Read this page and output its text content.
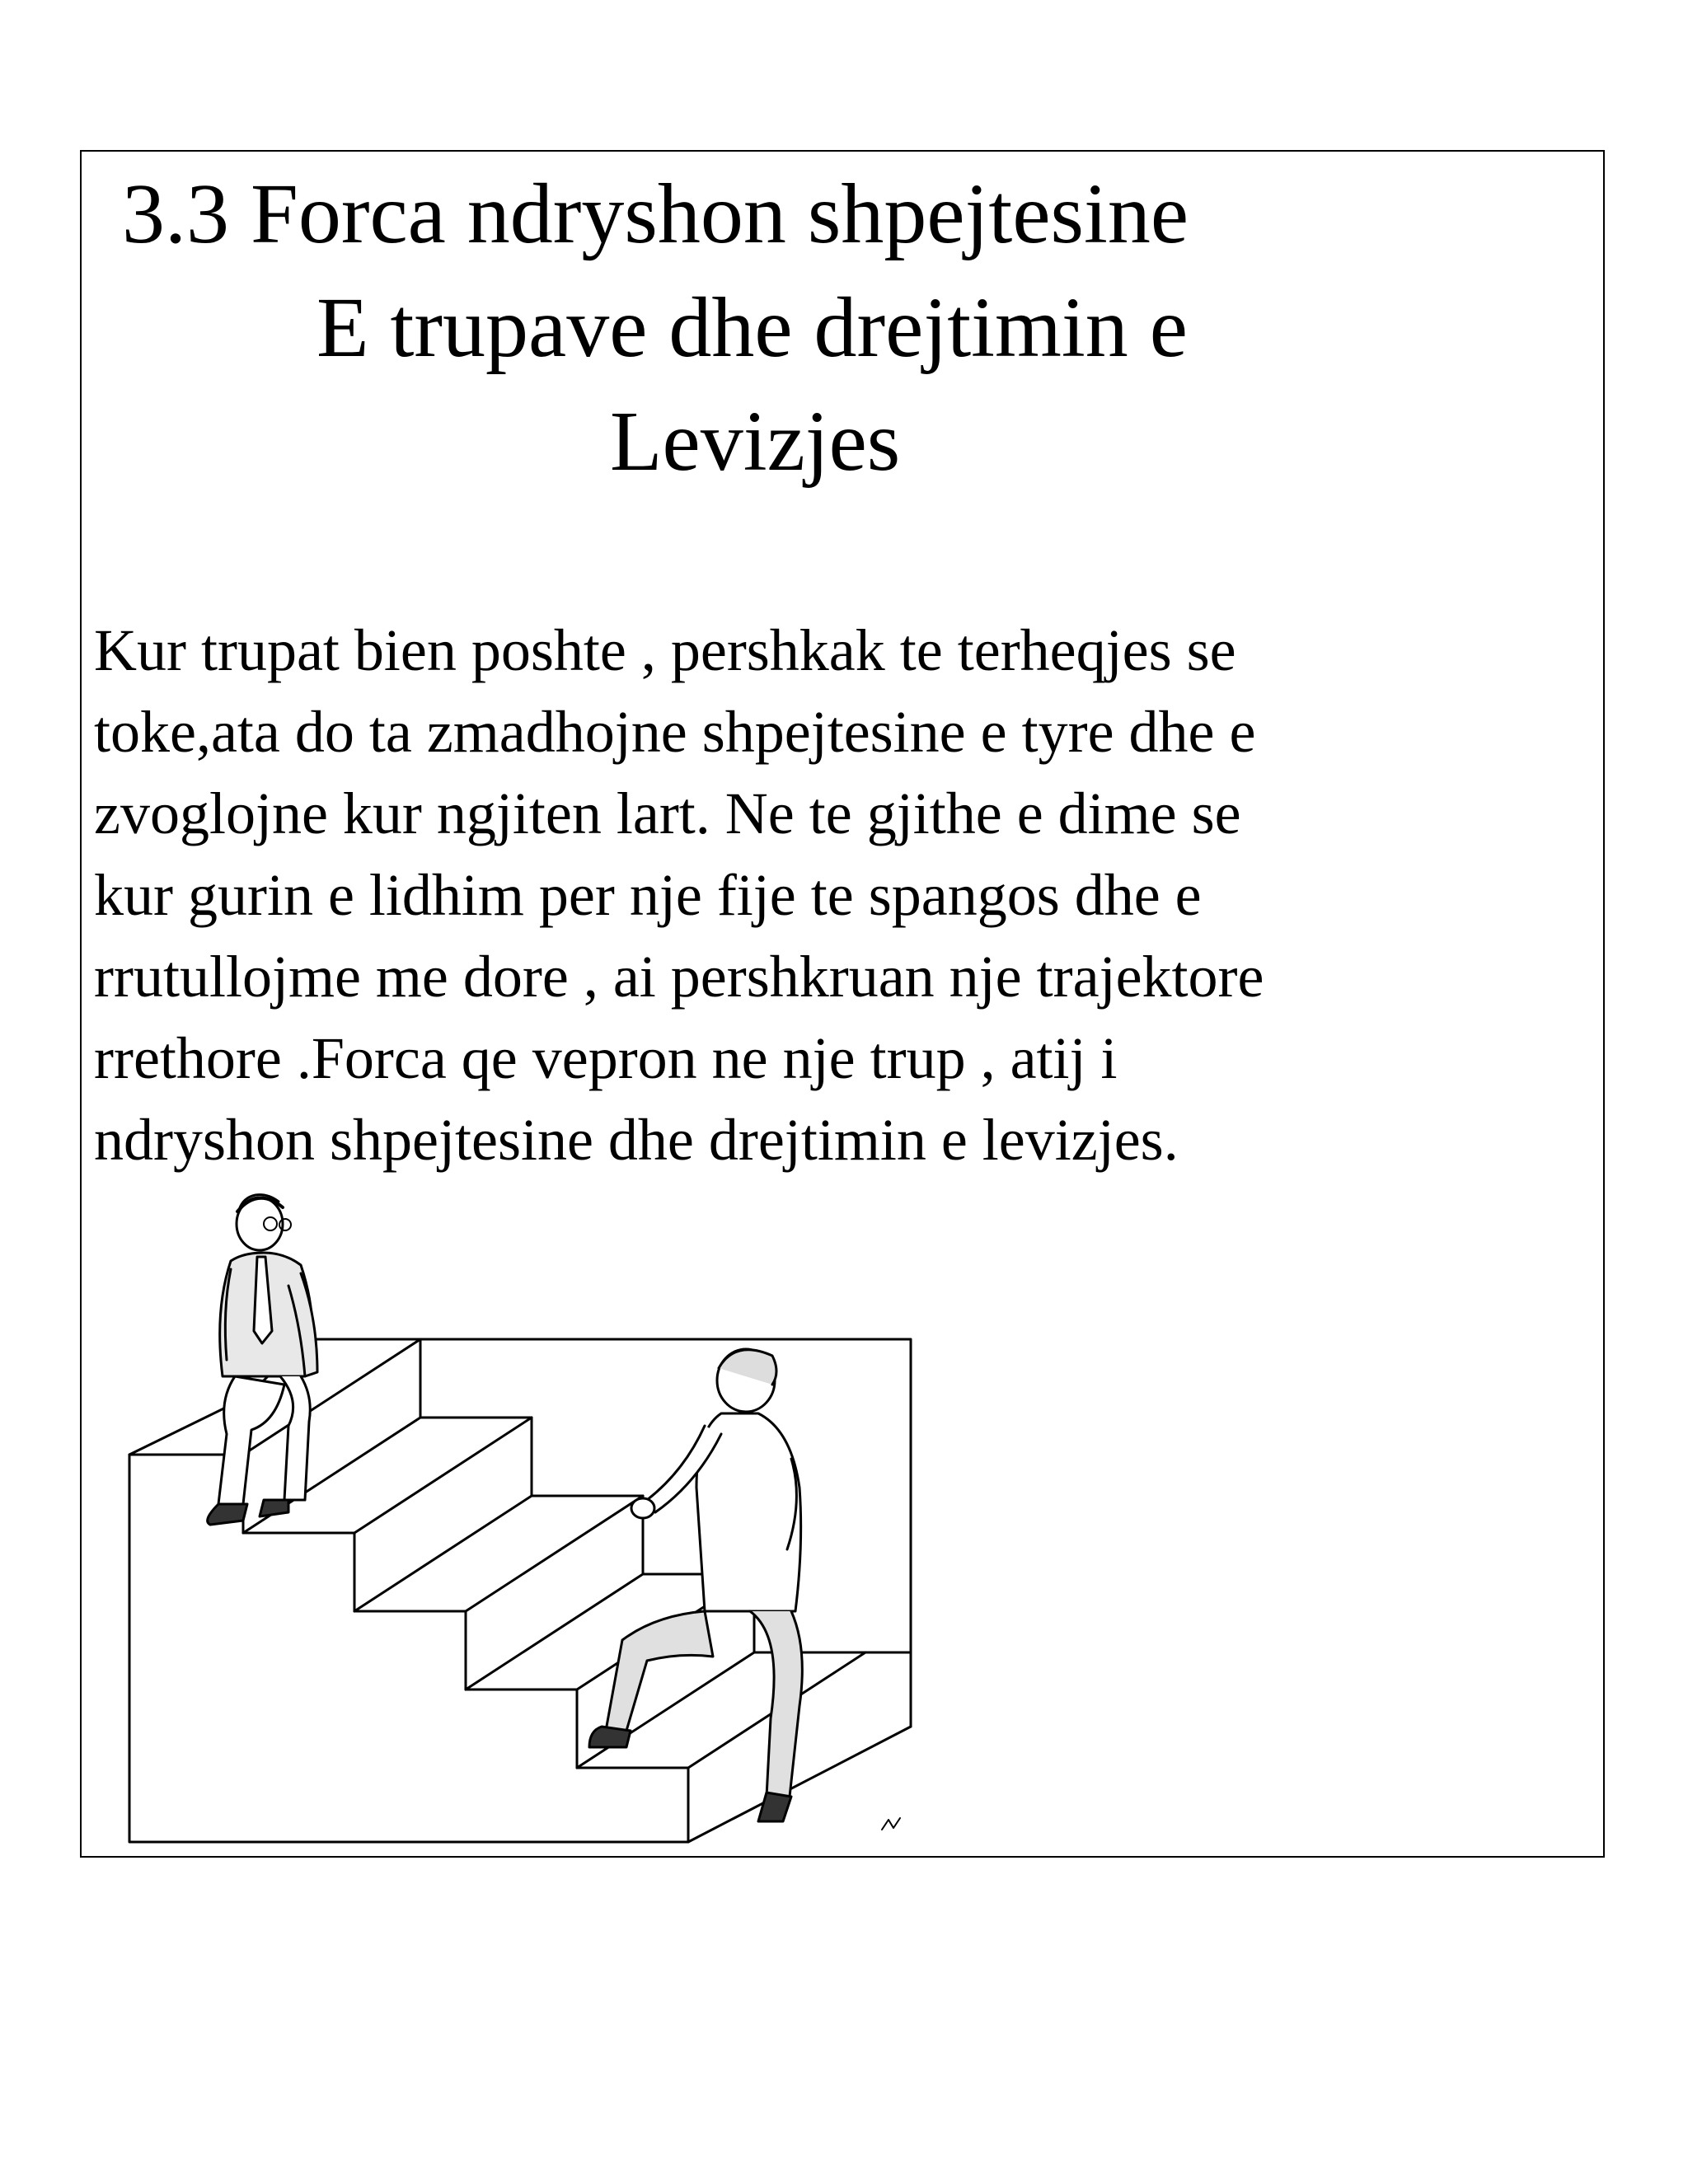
3.3 Forca ndryshon shpejtesine
E trupave dhe drejtimin e
Levizjes

Kur trupat bien poshte , pershkak te terheqjes se
toke,ata do ta zmadhojne shpejtesine e tyre dhe e
zvoglojne kur ngjiten lart. Ne te gjithe e dime se
kur gurin e lidhim per nje fije te spangos dhe e
rrutullojme me dore , ai pershkruan nje trajektore
rrethore .Forca qe vepron ne nje trup , atij i
ndryshon shpejtesine dhe drejtimin e levizjes.
